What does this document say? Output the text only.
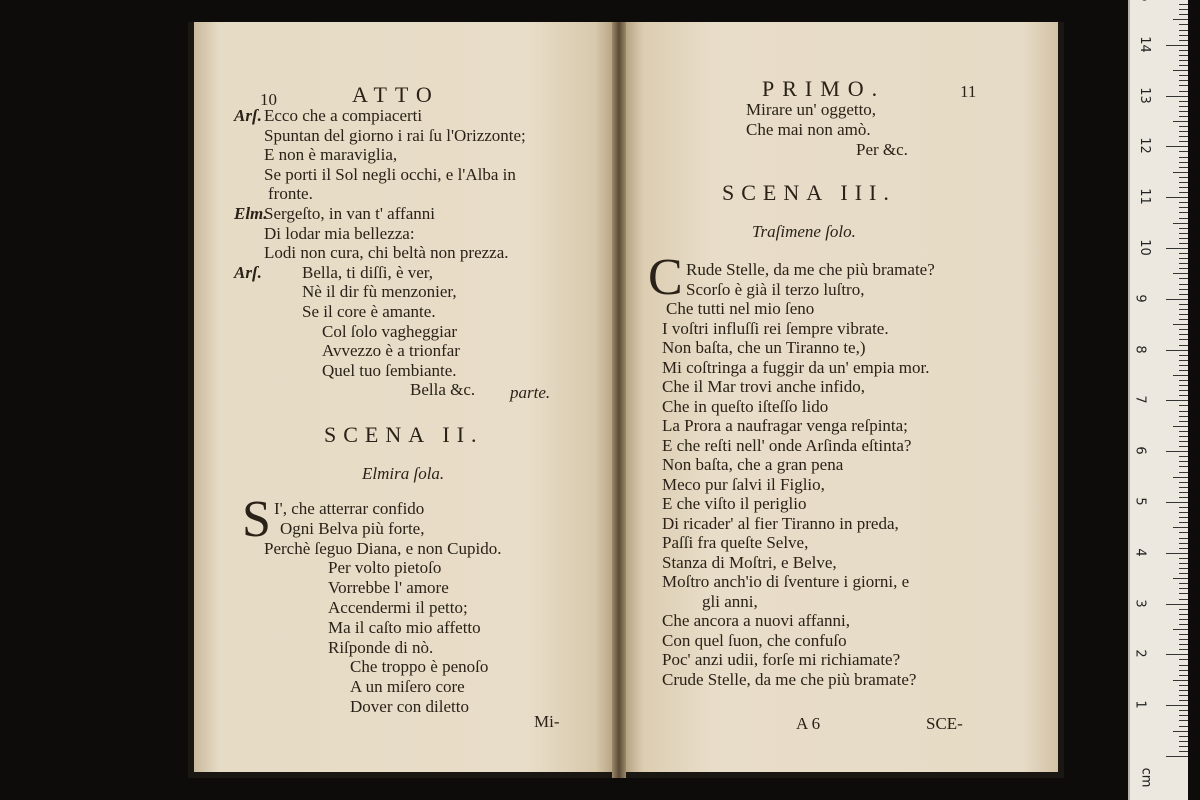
10	ATTO
Arſ. Ecco che a compiacerti
Spuntan del giorno i rai ſu l'Orizzonte;
E non è maraviglia,
Se porti il Sol negli occhi, e l'Alba in
fronte.
Elm.
Sergeſto, in van t' affanni
Di lodar mia bellezza:
Lodi non cura, chi beltà non prezza.
Arſ. Bella, ti diſſi, è ver,
Nè il dir fù menzonier,
Se il core è amante.
Col ſolo vagheggiar
Avvezzo è a trionfar
Quel tuo ſembiante.
Bella &c. parte.
SCENA II.
Elmira ſola.
S I', che atterrar confido
Ogni Belva più forte,
Perchè ſeguo Diana, e non Cupido.
Per volto pietoſo
Vorrebbe l' amore
Accendermi il petto;
Ma il caſto mio affetto
Riſponde di nò.
Che troppo è penoſo
A un miſero core
Dover con diletto
Mi-
PRIMO.	11
Mirare un' oggetto,
Che mai non amò.
Per &c.
SCENA III.
Traſimene ſolo.
C Rude Stelle, da me che più bramate?
Scorſo è già il terzo luſtro,
Che tutti nel mio ſeno
I voſtri influſſi rei ſempre vibrate.
Non baſta, che un Tiranno te,)
Mi coſtringa a fuggir da un' empia mor.
Che il Mar trovi anche infido,
Che in queſto iſteſſo lido
La Prora a naufragar venga reſpinta;
E che reſti nell' onde Arſinda eſtinta?
Non baſta, che a gran pena
Meco pur ſalvi il Figlio,
E che viſto il periglio
Di ricader' al fier Tiranno in preda,
Paſſi fra queſte Selve,
Stanza di Moſtri, e Belve,
Moſtro anch'io di ſventure i giorni, e
gli anni,
Che ancora a nuovi affanni,
Con quel ſuon, che confuſo
Poc' anzi udii, forſe mi richiamate?
Crude Stelle, da me che più bramate?
A 6	SCE-
1
2
3
4
5
6
7
8
9
10
11
12
13
14
cm
